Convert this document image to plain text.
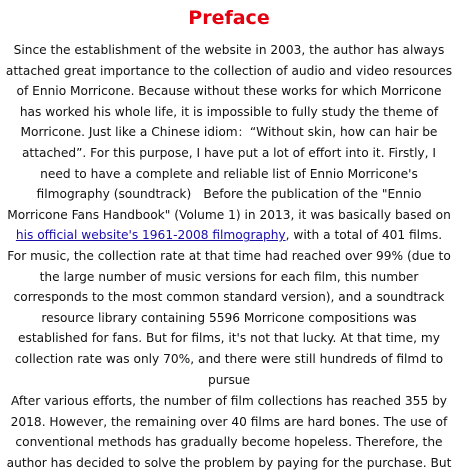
Preface

Since the establishment of the website in 2003, the author has always attached great importance to the collection of audio and video resources of Ennio Morricone. Because without these works for which Morricone has worked his whole life, it is impossible to fully study the theme of Morricone. Just like a Chinese idiom：“Without skin, how can hair be attached”. For this purpose, I have put a lot of effort into it. Firstly, I need to have a complete and reliable list of Ennio Morricone's filmography (soundtrack)　Before the publication of the "Ennio Morricone Fans Handbook" (Volume 1) in 2013, it was basically based on his official website's 1961-2008 filmography, with a total of 401 films. For music, the collection rate at that time had reached over 99% (due to the large number of music versions for each film, this number corresponds to the most common standard version), and a soundtrack resource library containing 5596 Morricone compositions was established for fans. But for films, it's not that lucky. At that time, my collection rate was only 70%, and there were still hundreds of filmd to pursue

After various efforts, the number of film collections has reached 355 by 2018. However, the remaining over 40 films are hard bones. The use of conventional methods has gradually become hopeless. Therefore, the author has decided to solve the problem by paying for the purchase. But
